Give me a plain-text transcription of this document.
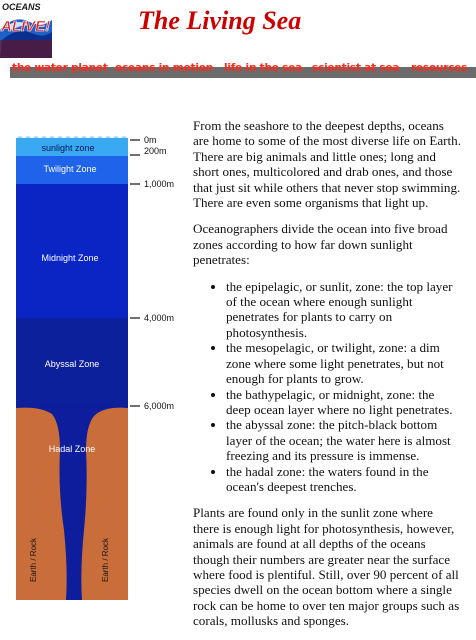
OCEANS
ALIVE!	The Living Sea
the water planet oceans in motion life in the sea scientist at sea resources
sunlight zone
Twilight Zone
Midnight Zone
Abyssal Zone
Hadal Zone
Earth / Rock	Earth / Rock
0m
200m
1,000m
4,000m
6,000m

From the seashore to the deepest depths, oceans are home to some of the most diverse life on Earth. There are big animals and little ones; long and short ones, multicolored and drab ones, and those that just sit while others that never stop swimming. There are even some organisms that light up.

Oceanographers divide the ocean into five broad zones according to how far down sunlight penetrates:

• the epipelagic, or sunlit, zone: the top layer of the ocean where enough sunlight penetrates for plants to carry on photosynthesis.
• the mesopelagic, or twilight, zone: a dim zone where some light penetrates, but not enough for plants to grow.
• the bathypelagic, or midnight, zone: the deep ocean layer where no light penetrates.
• the abyssal zone: the pitch-black bottom layer of the ocean; the water here is almost freezing and its pressure is immense.
• the hadal zone: the waters found in the ocean's deepest trenches.

Plants are found only in the sunlit zone where there is enough light for photosynthesis, however, animals are found at all depths of the oceans though their numbers are greater near the surface where food is plentiful. Still, over 90 percent of all species dwell on the ocean bottom where a single rock can be home to over ten major groups such as corals, mollusks and sponges.
